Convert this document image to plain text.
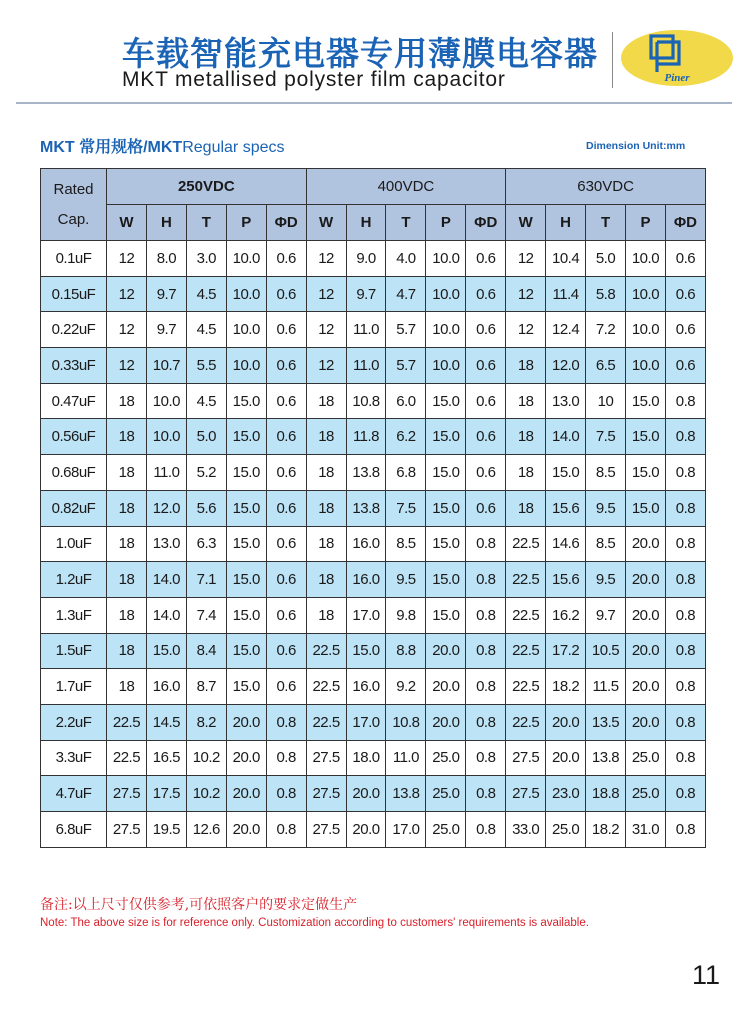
车载智能充电器专用薄膜电容器
MKT metallised polyster film capacitor	Piner
MKT 常用规格/MKTRegular specs	Dimension Unit:mm
Rated
Cap.	250VDC					400VDC					630VDC				
	W	H	T	P	ΦD	W	H	T	P	ΦD	W	H	T	P	ΦD
0.1uF	12	8.0	3.0	10.0	0.6	12	9.0	4.0	10.0	0.6	12	10.4	5.0	10.0	0.6
0.15uF	12	9.7	4.5	10.0	0.6	12	9.7	4.7	10.0	0.6	12	11.4	5.8	10.0	0.6
0.22uF	12	9.7	4.5	10.0	0.6	12	11.0	5.7	10.0	0.6	12	12.4	7.2	10.0	0.6
0.33uF	12	10.7	5.5	10.0	0.6	12	11.0	5.7	10.0	0.6	18	12.0	6.5	10.0	0.6
0.47uF	18	10.0	4.5	15.0	0.6	18	10.8	6.0	15.0	0.6	18	13.0	10	15.0	0.8
0.56uF	18	10.0	5.0	15.0	0.6	18	11.8	6.2	15.0	0.6	18	14.0	7.5	15.0	0.8
0.68uF	18	11.0	5.2	15.0	0.6	18	13.8	6.8	15.0	0.6	18	15.0	8.5	15.0	0.8
0.82uF	18	12.0	5.6	15.0	0.6	18	13.8	7.5	15.0	0.6	18	15.6	9.5	15.0	0.8
1.0uF	18	13.0	6.3	15.0	0.6	18	16.0	8.5	15.0	0.8	22.5	14.6	8.5	20.0	0.8
1.2uF	18	14.0	7.1	15.0	0.6	18	16.0	9.5	15.0	0.8	22.5	15.6	9.5	20.0	0.8
1.3uF	18	14.0	7.4	15.0	0.6	18	17.0	9.8	15.0	0.8	22.5	16.2	9.7	20.0	0.8
1.5uF	18	15.0	8.4	15.0	0.6	22.5	15.0	8.8	20.0	0.8	22.5	17.2	10.5	20.0	0.8
1.7uF	18	16.0	8.7	15.0	0.6	22.5	16.0	9.2	20.0	0.8	22.5	18.2	11.5	20.0	0.8
2.2uF	22.5	14.5	8.2	20.0	0.8	22.5	17.0	10.8	20.0	0.8	22.5	20.0	13.5	20.0	0.8
3.3uF	22.5	16.5	10.2	20.0	0.8	27.5	18.0	11.0	25.0	0.8	27.5	20.0	13.8	25.0	0.8
4.7uF	27.5	17.5	10.2	20.0	0.8	27.5	20.0	13.8	25.0	0.8	27.5	23.0	18.8	25.0	0.8
6.8uF	27.5	19.5	12.6	20.0	0.8	27.5	20.0	17.0	25.0	0.8	33.0	25.0	18.2	31.0	0.8
备注:以上尺寸仅供参考,可依照客户的要求定做生产
Note: The above size is for reference only. Customization according to customers' requirements is available.
11
